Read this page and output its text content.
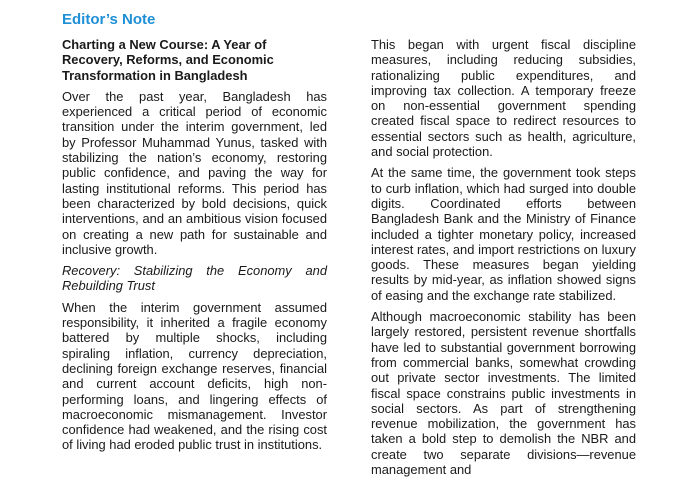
Editor’s Note

Charting a New Course: A Year of Recovery, Reforms, and Economic Transformation in Bangladesh

Over the past year, Bangladesh has experienced a critical period of economic transition under the interim government, led by Professor Muhammad Yunus, tasked with stabilizing the nation’s economy, restoring public confidence, and paving the way for lasting institutional reforms. This period has been characterized by bold decisions, quick interventions, and an ambitious vision focused on creating a new path for sustainable and inclusive growth.

Recovery: Stabilizing the Economy and Rebuilding Trust

When the interim government assumed responsibility, it inherited a fragile economy battered by multiple shocks, including spiraling inflation, currency depreciation, declining foreign exchange reserves, financial and current account deficits, high non-performing loans, and lingering effects of macroeconomic mismanagement. Investor confidence had weakened, and the rising cost of living had eroded public trust in institutions.

This began with urgent fiscal discipline measures, including reducing subsidies, rationalizing public expenditures, and improving tax collection. A temporary freeze on non-essential government spending created fiscal space to redirect resources to essential sectors such as health, agriculture, and social protection.

At the same time, the government took steps to curb inflation, which had surged into double digits. Coordinated efforts between Bangladesh Bank and the Ministry of Finance included a tighter monetary policy, increased interest rates, and import restrictions on luxury goods. These measures began yielding results by mid-year, as inflation showed signs of easing and the exchange rate stabilized.

Although macroeconomic stability has been largely restored, persistent revenue shortfalls have led to substantial government borrowing from commercial banks, somewhat crowding out private sector investments. The limited fiscal space constrains public investments in social sectors. As part of strengthening revenue mobilization, the government has taken a bold step to demolish the NBR and create two separate divisions—revenue management and
